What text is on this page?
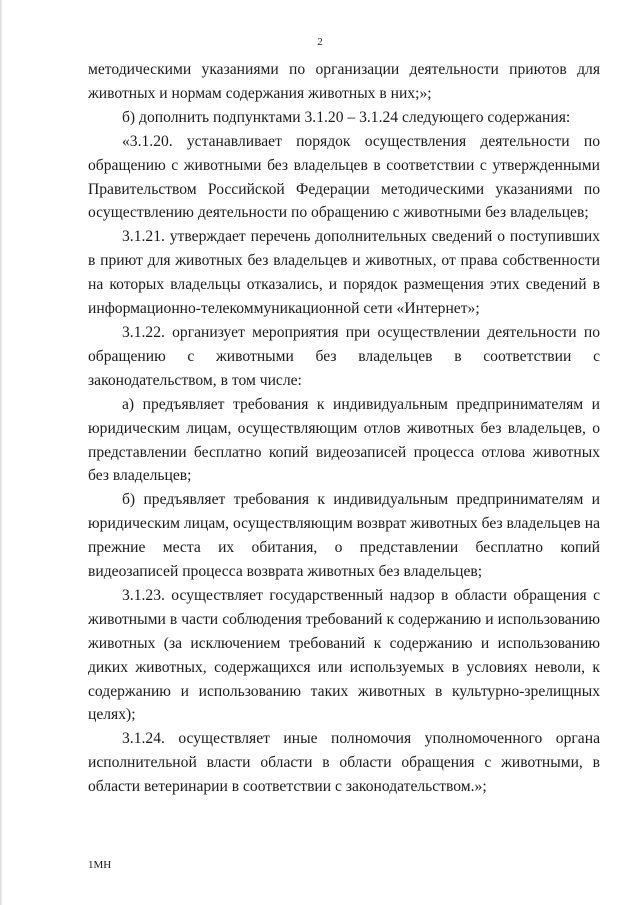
2

методическими указаниями по организации деятельности приютов для животных и нормам содержания животных в них;»;

б) дополнить подпунктами 3.1.20 – 3.1.24 следующего содержания:

«3.1.20. устанавливает порядок осуществления деятельности по обращению с животными без владельцев в соответствии с утвержденными Правительством Российской Федерации методическими указаниями по осуществлению деятельности по обращению с животными без владельцев;

3.1.21. утверждает перечень дополнительных сведений о поступивших в приют для животных без владельцев и животных, от права собственности на которых владельцы отказались, и порядок размещения этих сведений в информационно-телекоммуникационной сети «Интернет»;

3.1.22. организует мероприятия при осуществлении деятельности по обращению с животными без владельцев в соответствии с законодательством, в том числе:

а) предъявляет требования к индивидуальным предпринимателям и юридическим лицам, осуществляющим отлов животных без владельцев, о представлении бесплатно копий видеозаписей процесса отлова животных без владельцев;

б) предъявляет требования к индивидуальным предпринимателям и юридическим лицам, осуществляющим возврат животных без владельцев на прежние места их обитания, о представлении бесплатно копий видеозаписей процесса возврата животных без владельцев;

3.1.23. осуществляет государственный надзор в области обращения с животными в части соблюдения требований к содержанию и использованию животных (за исключением требований к содержанию и использованию диких животных, содержащихся или используемых в условиях неволи, к содержанию и использованию таких животных в культурно-зрелищных целях);

3.1.24. осуществляет иные полномочия уполномоченного органа исполнительной власти области в области обращения с животными, в области ветеринарии в соответствии с законодательством.»;

1МН
